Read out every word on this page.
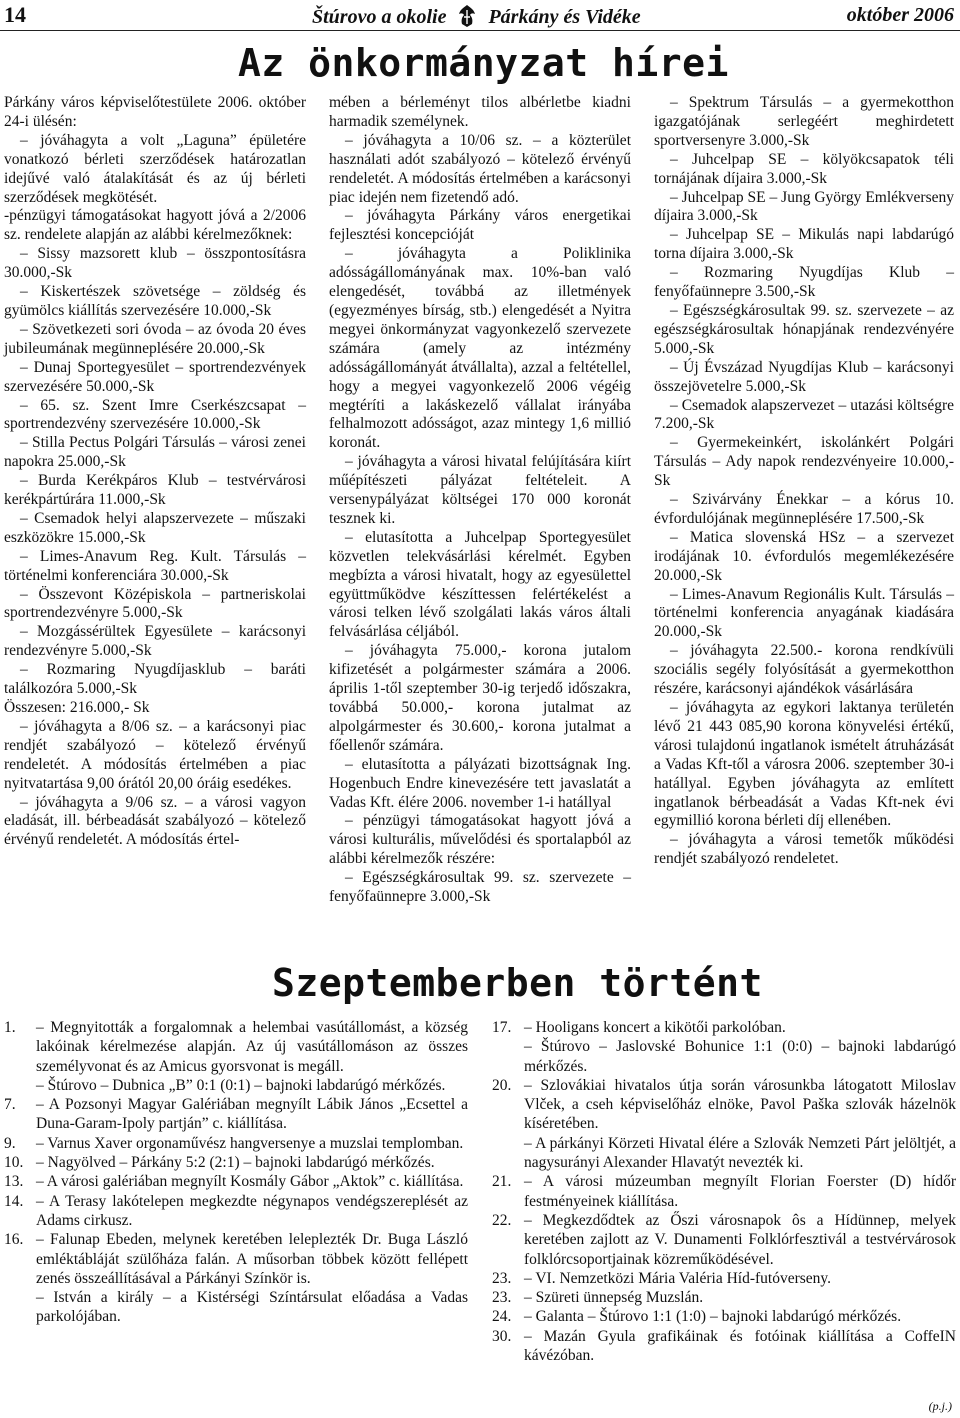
14	Štúrovo a okolie Párkány és Vidéke	október 2006
Az önkormányzat hírei

Párkány város képviselőtestülete 2006. október 24-i ülésén:

– jóváhagyta a volt „Laguna” épületére vonatkozó bérleti szerződések határozatlan idejűvé való átalakítását és az új bérleti szerződések megkötését.

-pénzügyi támogatásokat hagyott jóvá a 2/2006 sz. rendelete alapján az alábbi kérelmezőknek:

– Sissy mazsorett klub – összpontosításra 30.000,-Sk

– Kiskertészek szövetsége – zöldség és gyümölcs kiállítás szervezésére 10.000,-Sk

– Szövetkezeti sori óvoda – az óvoda 20 éves jubileumának megünneplésére 20.000,-Sk

– Dunaj Sportegyesület – sportrendezvények szervezésére 50.000,-Sk

– 65. sz. Szent Imre Cserkészcsapat – sportrendezvény szervezésére 10.000,-Sk

– Stilla Pectus Polgári Társulás – városi zenei napokra 25.000,-Sk

– Burda Kerékpáros Klub – testvérvárosi kerékpártúrára 11.000,-Sk

– Csemadok helyi alapszervezete – műszaki eszközökre 15.000,-Sk

– Limes-Anavum Reg. Kult. Társulás – történelmi konferenciára 30.000,-Sk

– Összevont Középiskola – partneriskolai sportrendezvényre 5.000,-Sk

– Mozgássérültek Egyesülete – karácsonyi rendezvényre 5.000,-Sk

– Rozmaring Nyugdíjasklub – baráti találkozóra 5.000,-Sk

Összesen: 216.000,- Sk

– jóváhagyta a 8/06 sz. – a karácsonyi piac rendjét szabályozó – kötelező érvényű rendeletét. A módosítás értelmében a piac nyitvatartása 9,00 órától 20,00 óráig esedékes.

– jóváhagyta a 9/06 sz. – a városi vagyon eladását, ill. bérbeadását szabályozó – kötelező érvényű rendeletét. A módosítás értel-

mében a bérleményt tilos albérletbe kiadni harmadik személynek.

– jóváhagyta a 10/06 sz. – a közterület használati adót szabályozó – kötelező érvényű rendeletét. A módosítás értelmében a karácsonyi piac idején nem fizetendő adó.

– jóváhagyta Párkány város energetikai fejlesztési koncepcióját

– jóváhagyta a Poliklinika adósságállományának max. 10%-ban való elengedését, továbbá az illetmények (egyezményes bírság, stb.) elengedését a Nyitra megyei önkormányzat vagyonkezelő szervezete számára (amely az intézmény adósságállományát átvállalta), azzal a feltétellel, hogy a megyei vagyonkezelő 2006 végéig megtéríti a lakáskezelő vállalat irányába felhalmozott adósságot, azaz mintegy 1,6 millió koronát.

– jóváhagyta a városi hivatal felújítására kiírt műépítészeti pályázat feltételeit. A versenypályázat költségei 170 000 koronát tesznek ki.

– elutasította a Juhcelpap Sportegyesület közvetlen telekvásárlási kérelmét. Egyben megbízta a városi hivatalt, hogy az egyesülettel együttműködve készíttessen felértékelést a városi telken lévő szolgálati lakás város általi felvásárlása céljából.

– jóváhagyta 75.000,- korona jutalom kifizetését a polgármester számára a 2006. április 1-től szeptember 30-ig terjedő időszakra, továbbá 50.000,- korona jutalmat az alpolgármester és 30.600,- korona jutalmat a főellenőr számára.

– elutasította a pályázati bizottságnak Ing. Hogenbuch Endre kinevezésére tett javaslatát a Vadas Kft. élére 2006. november 1-i hatállyal

– pénzügyi támogatásokat hagyott jóvá a városi kulturális, művelődési és sportalapból az alábbi kérelmezők részére:

– Egészségkárosultak 99. sz. szervezete – fenyőfaünnepre 3.000,-Sk

– Spektrum Társulás – a gyermekotthon igazgatójának serlegéért meghirdetett sportversenyre 3.000,-Sk

– Juhcelpap SE – kölyökcsapatok téli tornájának díjaira 3.000,-Sk

– Juhcelpap SE – Jung György Emlékverseny díjaira 3.000,-Sk

– Juhcelpap SE – Mikulás napi labdarúgó torna díjaira 3.000,-Sk

– Rozmaring Nyugdíjas Klub – fenyőfaünnepre 3.500,-Sk

– Egészségkárosultak 99. sz. szervezete – az egészségkárosultak hónapjának rendezvényére 5.000,-Sk

– Új Évszázad Nyugdíjas Klub – karácsonyi összejövetelre 5.000,-Sk

– Csemadok alapszervezet – utazási költségre 7.200,-Sk

– Gyermekeinkért, iskolánkért Polgári Társulás – Ady napok rendezvényeire 10.000,-Sk

– Szivárvány Énekkar – a kórus 10. évfordulójának megünneplésére 17.500,-Sk

– Matica slovenská HSz – a szervezet irodájának 10. évfordulós megemlékezésére 20.000,-Sk

– Limes-Anavum Regionális Kult. Társulás – történelmi konferencia anyagának kiadására 20.000,-Sk

– jóváhagyta 22.500.- korona rendkívüli szociális segély folyósítását a gyermekotthon részére, karácsonyi ajándékok vásárlására

– jóváhagyta az egykori laktanya területén lévő 21 443 085,90 korona könyvelési értékű, városi tulajdonú ingatlanok ismételt átruházását a Vadas Kft-től a városra 2006. szeptember 30-i hatállyal. Egyben jóváhagyta az említett ingatlanok bérbeadását a Vadas Kft-nek évi egymillió korona bérleti díj ellenében.

– jóváhagyta a városi temetők működési rendjét szabályozó rendeletet.

Szeptemberben történt
1.	– Megnyitották a forgalomnak a helembai vasútállomást, a község lakóinak kérelmezése alapján. Az új vasútállomáson az összes személyvonat és az Amicus gyorsvonat is megáll.
– Štúrovo – Dubnica „B” 0:1 (0:1) – bajnoki labdarúgó mérkőzés.
7.	– A Pozsonyi Magyar Galériában megnyílt Lábik János „Ecsettel a Duna-Garam-Ipoly partján” c. kiállítása.
9.	– Varnus Xaver orgonaművész hangversenye a muzslai templomban.
10. – Nagyölved – Párkány 5:2 (2:1) – bajnoki labdarúgó mérkőzés.
13. – A városi galériában megnyílt Kosmály Gábor „Aktok” c. kiállítása.
14. – A Terasy lakótelepen megkezdte négynapos vendégszereplését az Adams cirkusz.
16. – Falunap Ebeden, melynek keretében leleplezték Dr. Buga László emléktábláját szülőháza falán. A műsorban többek között fellépett zenés összeállításával a Párkányi Színkör is.
– István a király – a Kistérségi Színtársulat előadása a Vadas parkolójában.
17. – Hooligans koncert a kikötői parkolóban.
– Štúrovo – Jaslovské Bohunice 1:1 (0:0) – bajnoki labdarúgó mérkőzés.
20. – Szlovákiai hivatalos útja során városunkba látogatott Miloslav Vlček, a cseh képviselőház elnöke, Pavol Paška szlovák házelnök kíséretében.
– A párkányi Körzeti Hivatal élére a Szlovák Nemzeti Párt jelöltjét, a nagysurányi Alexander Hlavatýt nevezték ki.
21. – A városi múzeumban megnyílt Florian Foerster (D) hídőr festményeinek kiállítása.
22. – Megkezdődtek az Őszi városnapok ôs a Hídünnep, melyek keretében zajlott az V. Dunamenti Folklórfesztivál a testvérvárosok folklórcsoportjainak közreműködésével.
23. – VI. Nemzetközi Mária Valéria Híd-futóverseny.
23. – Szüreti ünnepség Muzslán.
24. – Galanta – Štúrovo 1:1 (1:0) – bajnoki labdarúgó mérkőzés.
30. – Mazán Gyula grafikáinak és fotóinak kiállítása a CoffeIN kávézóban.
(p.j.)
